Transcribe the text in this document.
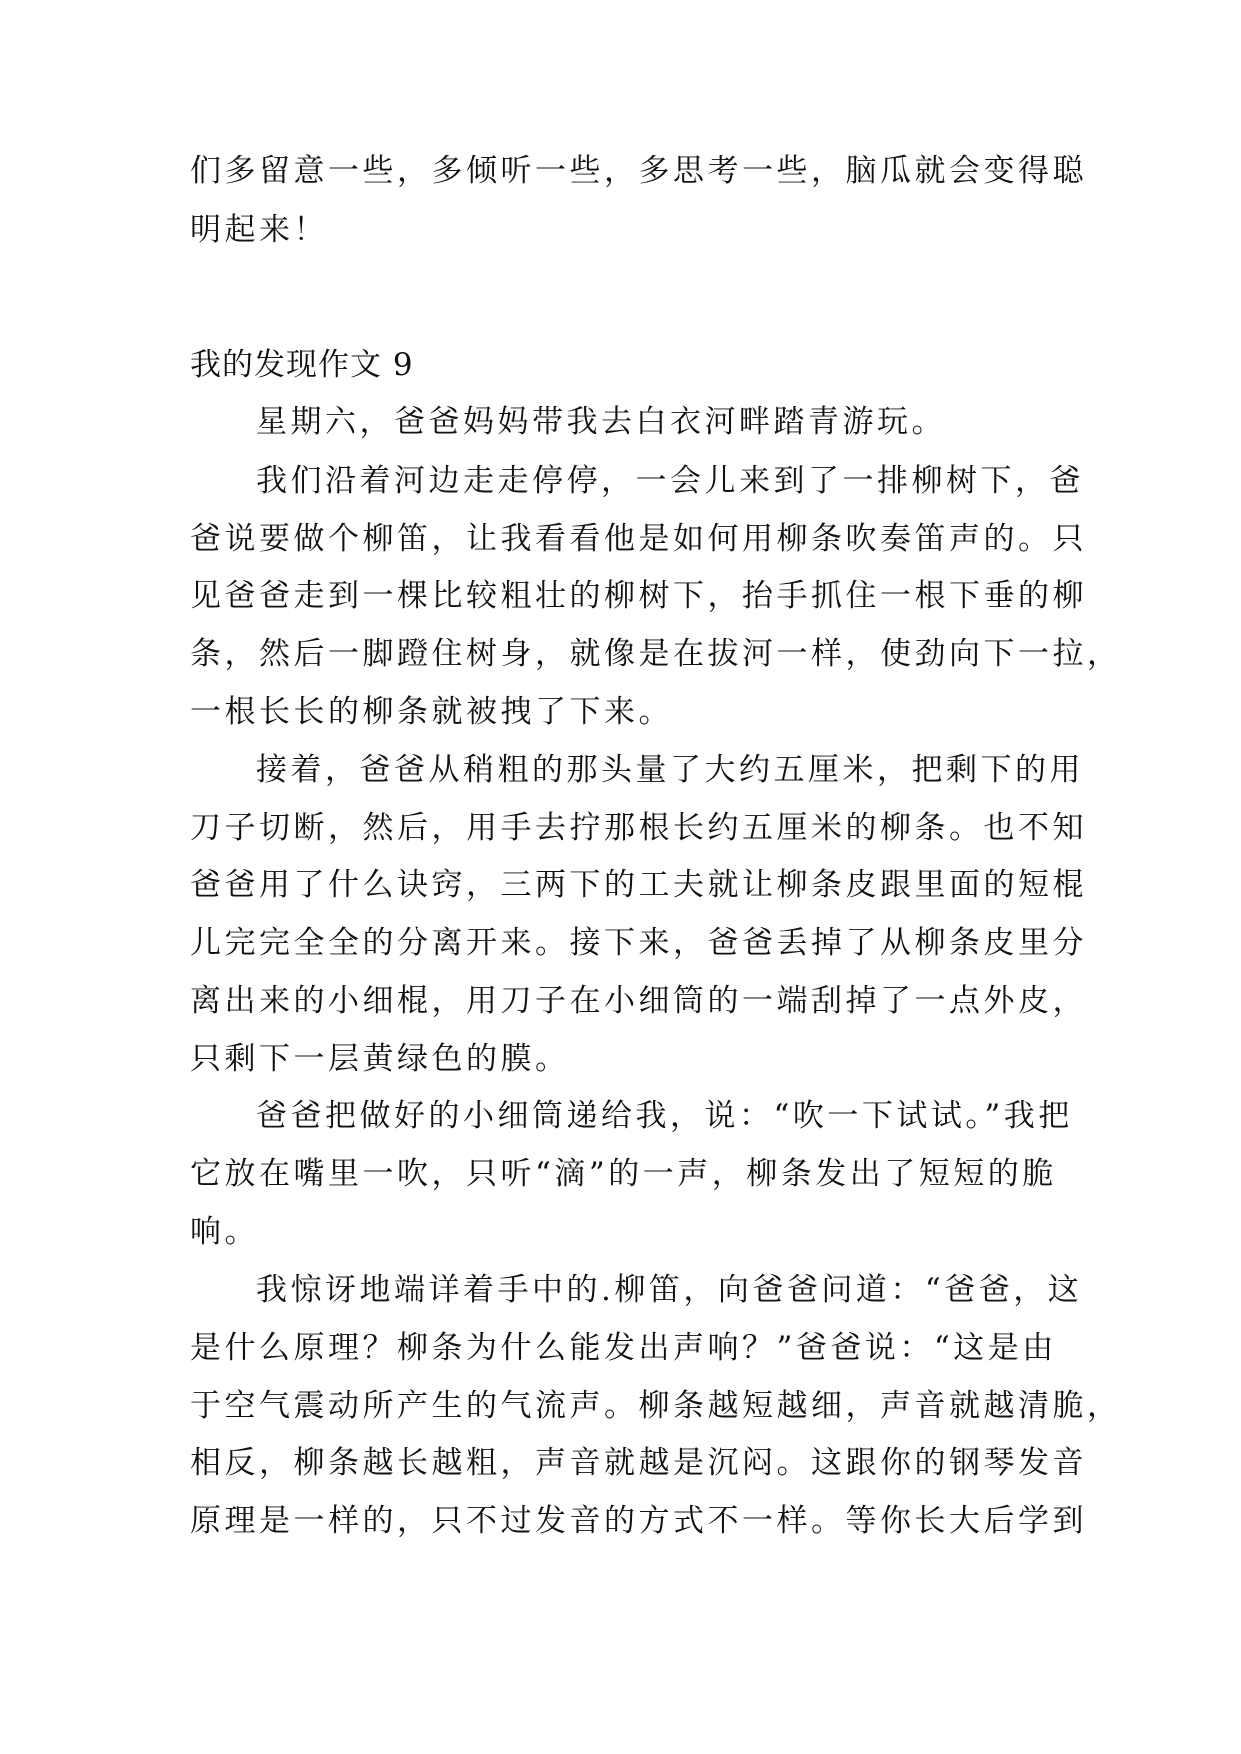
们多留意一些，多倾听一些，多思考一些，脑瓜就会变得聪
明起来！
我的发现作文 9
星期六，爸爸妈妈带我去白衣河畔踏青游玩。
我们沿着河边走走停停，一会儿来到了一排柳树下，爸
爸说要做个柳笛，让我看看他是如何用柳条吹奏笛声的。只
见爸爸走到一棵比较粗壮的柳树下，抬手抓住一根下垂的柳
条，然后一脚蹬住树身，就像是在拔河一样，使劲向下一拉，
一根长长的柳条就被拽了下来。
接着，爸爸从稍粗的那头量了大约五厘米，把剩下的用
刀子切断，然后，用手去拧那根长约五厘米的柳条。也不知
爸爸用了什么诀窍，三两下的工夫就让柳条皮跟里面的短棍
儿完完全全的分离开来。接下来，爸爸丢掉了从柳条皮里分
离出来的小细棍，用刀子在小细筒的一端刮掉了一点外皮，
只剩下一层黄绿色的膜。
爸爸把做好的小细筒递给我，说：“吹一下试试。”我把
它放在嘴里一吹，只听“滴”的一声，柳条发出了短短的脆
响。
我惊讶地端详着手中的.柳笛，向爸爸问道：“爸爸，这
是什么原理？柳条为什么能发出声响？”爸爸说：“这是由
于空气震动所产生的气流声。柳条越短越细，声音就越清脆，
相反，柳条越长越粗，声音就越是沉闷。这跟你的钢琴发音
原理是一样的，只不过发音的方式不一样。等你长大后学到
